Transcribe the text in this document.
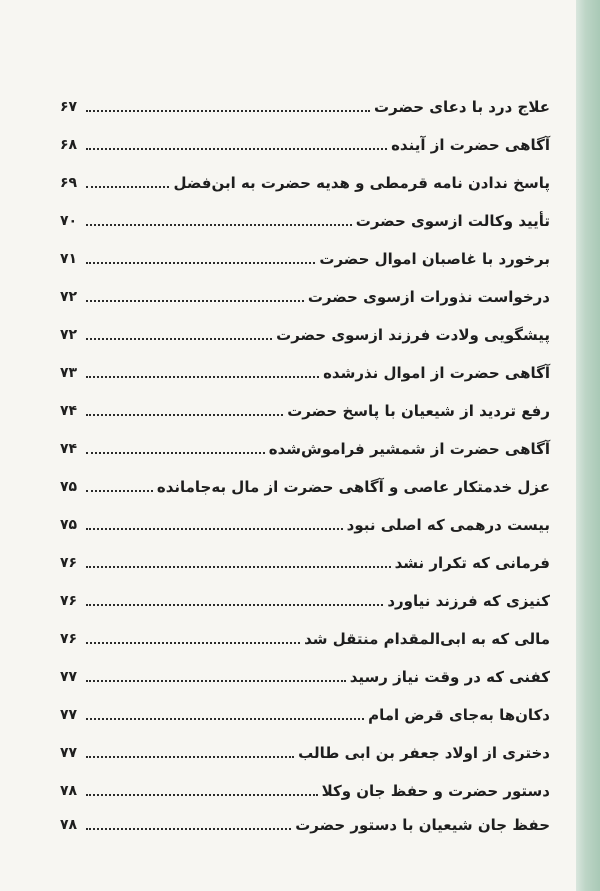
علاج درد با دعای حضرت
۶۷
آگاهی حضرت از آینده
۶۸
پاسخ ندادن نامه قرمطی و هدیه حضرت به ابن‌فضل
۶۹
تأیید وکالت ازسوی حضرت
۷۰
برخورد با غاصبان اموال حضرت
۷۱
درخواست نذورات ازسوی حضرت
۷۲
پیشگویی ولادت فرزند ازسوی حضرت
۷۲
آگاهی حضرت از اموال نذرشده
۷۳
رفع تردید از شیعیان با پاسخ حضرت
۷۴
آگاهی حضرت از شمشیر فراموش‌شده
۷۴
عزل خدمتکار عاصی و آگاهی حضرت از مال به‌جامانده
۷۵
بیست درهمی که اصلی نبود
۷۵
فرمانی که تکرار نشد
۷۶
کنیزی که فرزند نیاورد
۷۶
مالی که به ابی‌المقدام منتقل شد
۷۶
کفنی که در وقت نیاز رسید
۷۷
دکان‌ها به‌جای قرض امام
۷۷
دختری از اولاد جعفر بن ابی طالب
۷۷
دستور حضرت و حفظ جان وکلا
۷۸
حفظ جان شیعیان با دستور حضرت
۷۸
